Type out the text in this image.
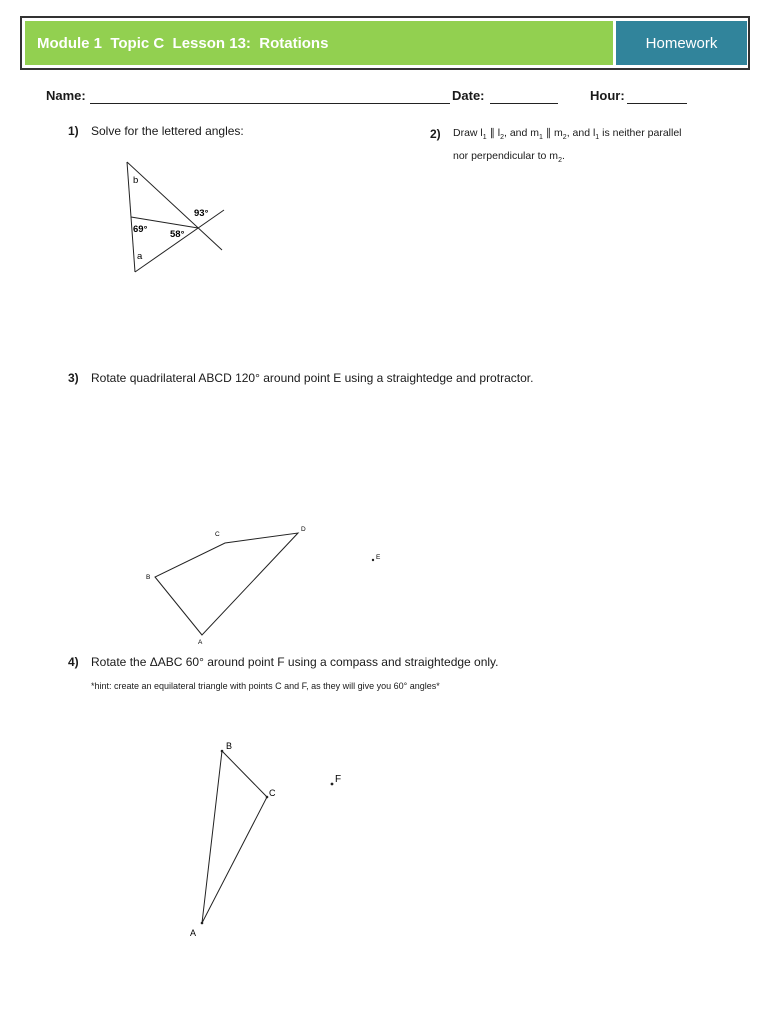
Module 1  Topic C  Lesson 13:  Rotations	Homework
Name:	Date:	Hour:
1) Solve for the lettered angles:
b
93°
69° 58°
a
2) Draw $l_1$ ∥ $l_2$, and $m_1$ ∥ $m_2$, and $l_1$ is neither parallel
nor perpendicular to $m_2$.
3) Rotate quadrilateral ABCD 120° around point E using a straightedge and protractor.
A
B
C
D
E
4) Rotate the ΔABC 60° around point F using a compass and straightedge only.
*hint: create an equilateral triangle with points C and F, as they will give you 60° angles*
A
B
C
F
